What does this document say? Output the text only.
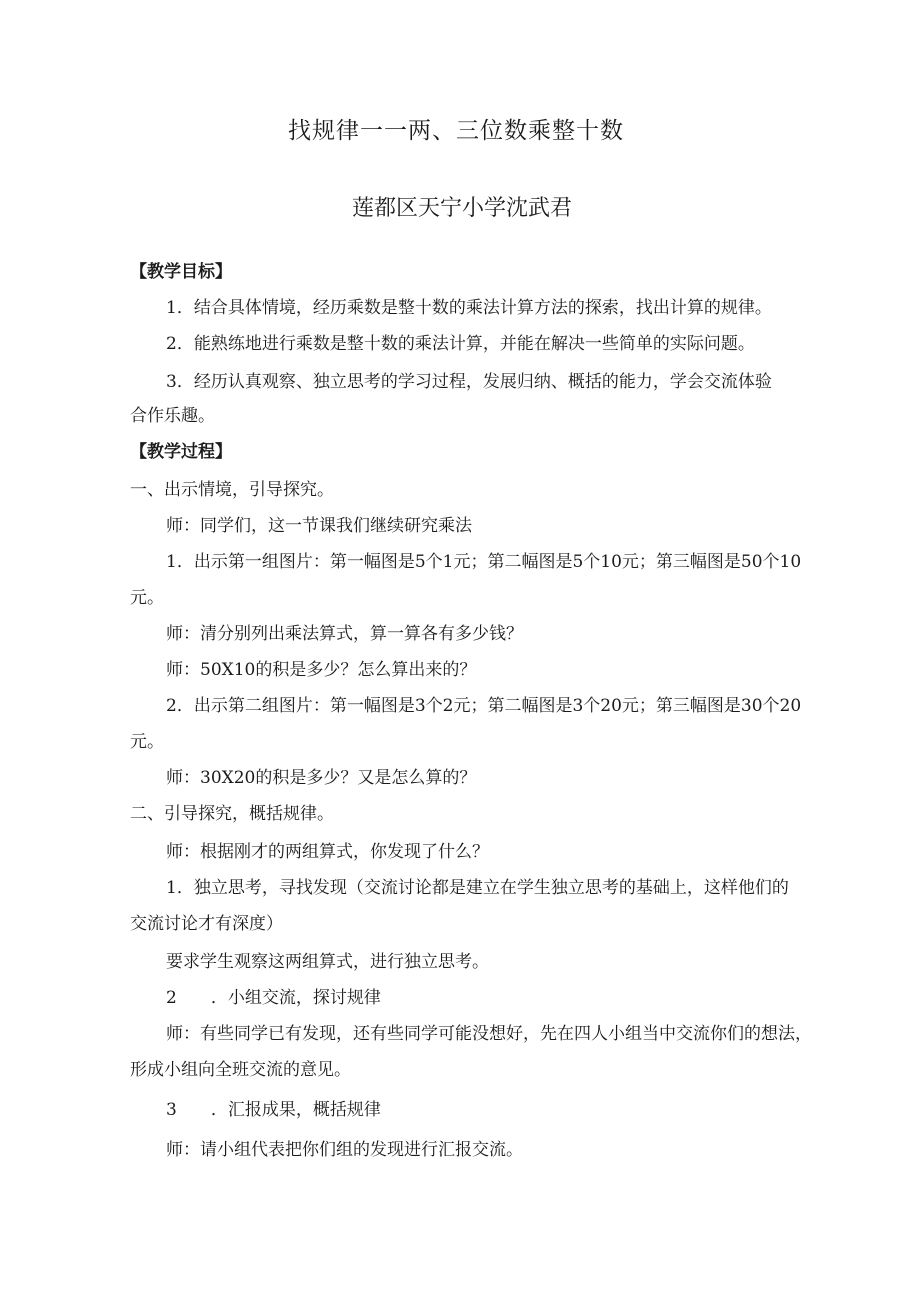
找规律一一两、三位数乘整十数
莲都区天宁小学沈武君
【教学目标】
1．结合具体情境，经历乘数是整十数的乘法计算方法的探索，找出计算的规律。
2．能熟练地进行乘数是整十数的乘法计算，并能在解决一些简单的实际问题。
3．经历认真观察、独立思考的学习过程，发展归纳、概括的能力，学会交流体验
合作乐趣。
【教学过程】
一、出示情境，引导探究。
师：同学们，这一节课我们继续研究乘法
1．出示第一组图片：第一幅图是5个1元；第二幅图是5个10元；第三幅图是50个10
元。
师：清分别列出乘法算式，算一算各有多少钱？
师：50X10的积是多少？怎么算出来的？
2．出示第二组图片：第一幅图是3个2元；第二幅图是3个20元；第三幅图是30个20
元。
师：30X20的积是多少？又是怎么算的？
二、引导探究，概括规律。
师：根据刚才的两组算式，你发现了什么？
1．独立思考，寻找发现（交流讨论都是建立在学生独立思考的基础上，这样他们的
交流讨论才有深度）
要求学生观察这两组算式，进行独立思考。
2　　．小组交流，探讨规律
师：有些同学已有发现，还有些同学可能没想好，先在四人小组当中交流你们的想法，
形成小组向全班交流的意见。
3　　．汇报成果，概括规律
师：请小组代表把你们组的发现进行汇报交流。
